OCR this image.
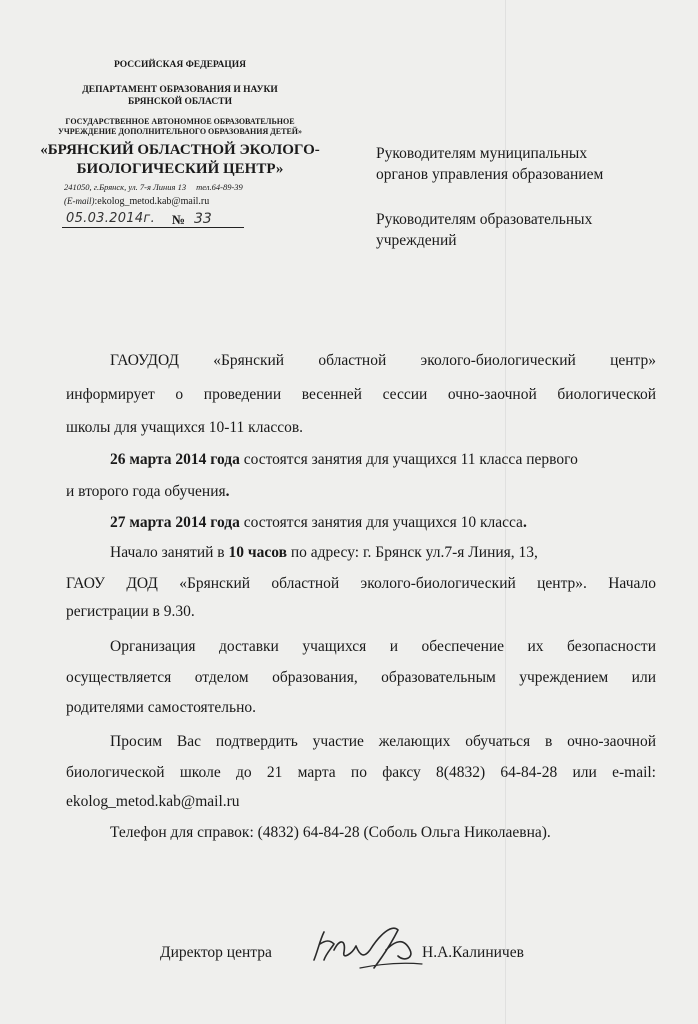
РОССИЙСКАЯ ФЕДЕРАЦИЯ
ДЕПАРТАМЕНТ ОБРАЗОВАНИЯ И НАУКИ
БРЯНСКОЙ ОБЛАСТИ
ГОСУДАРСТВЕННОЕ АВТОНОМНОЕ ОБРАЗОВАТЕЛЬНОЕ
УЧРЕЖДЕНИЕ ДОПОЛНИТЕЛЬНОГО ОБРАЗОВАНИЯ ДЕТЕЙ»
«БРЯНСКИЙ ОБЛАСТНОЙ ЭКОЛОГО-
БИОЛОГИЧЕСКИЙ ЦЕНТР»
241050, г.Брянск, ул. 7-я Линия 13 тел.64-89-39
(E-mail):ekolog_metod.kab@mail.ru
05.03.2014г. № 33
Руководителям муниципальных
органов управления образованием
Руководителям образовательных
учреждений
ГАОУДОД «Брянский областной эколого-биологический центр»
информирует о проведении весенней сессии очно-заочной биологической
школы для учащихся 10-11 классов.
26 марта 2014 года состоятся занятия для учащихся 11 класса первого
и второго года обучения.
27 марта 2014 года состоятся занятия для учащихся 10 класса.
Начало занятий в 10 часов по адресу: г. Брянск ул.7-я Линия, 13,
ГАОУ ДОД «Брянский областной эколого-биологический центр». Начало
регистрации в 9.30.
Организация доставки учащихся и обеспечение их безопасности
осуществляется отделом образования, образовательным учреждением или
родителями самостоятельно.
Просим Вас подтвердить участие желающих обучаться в очно-заочной
биологической школе до 21 марта по факсу 8(4832) 64-84-28 или e-mail:
ekolog_metod.kab@mail.ru
Телефон для справок: (4832) 64-84-28 (Соболь Ольга Николаевна).
Директор центра	Н.А.Калиничев
